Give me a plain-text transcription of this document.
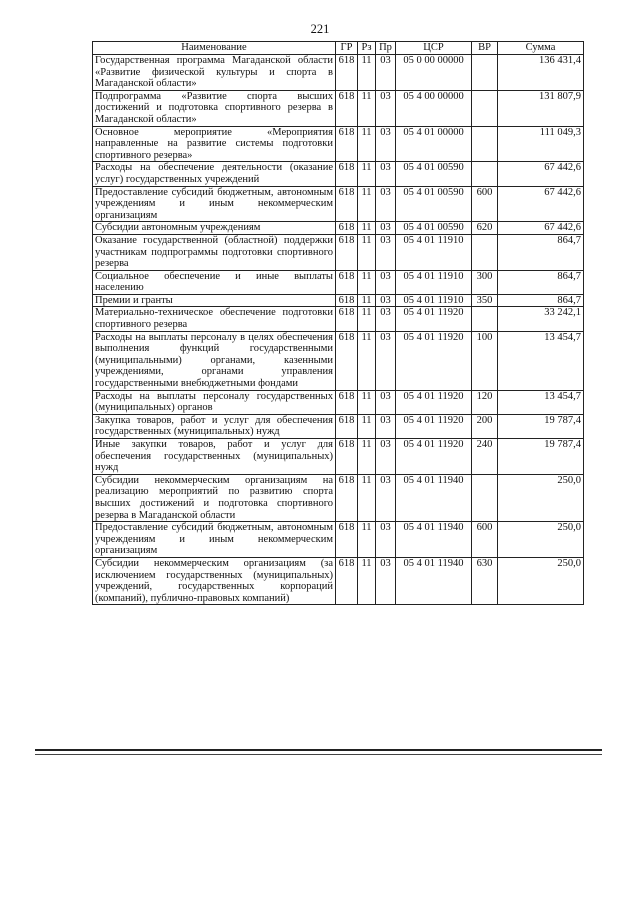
221
Наименование	ГР	Рз	Пр	ЦСР	ВР	Сумма
Государственная программа Магаданской области «Развитие физической культуры и спорта в Магаданской области»	618	11	03	05 0 00 00000		136 431,4
Подпрограмма «Развитие спорта высших достижений и подготовка спортивного резерва в Магаданской области»	618	11	03	05 4 00 00000		131 807,9
Основное мероприятие «Мероприятия направленные на развитие системы подготовки спортивного резерва»	618	11	03	05 4 01 00000		111 049,3
Расходы на обеспечение деятельности (оказание услуг) государственных учреждений	618	11	03	05 4 01 00590		67 442,6
Предоставление субсидий бюджетным, автономным учреждениям и иным некоммерческим организациям	618	11	03	05 4 01 00590	600	67 442,6
Субсидии автономным учреждениям	618	11	03	05 4 01 00590	620	67 442,6
Оказание государственной (областной) поддержки участникам подпрограммы подготовки спортивного резерва	618	11	03	05 4 01 11910		864,7
Социальное обеспечение и иные выплаты населению	618	11	03	05 4 01 11910	300	864,7
Премии и гранты	618	11	03	05 4 01 11910	350	864,7
Материально-техническое обеспечение подготовки спортивного резерва	618	11	03	05 4 01 11920		33 242,1
Расходы на выплаты персоналу в целях обеспечения выполнения функций государственными (муниципальными) органами, казенными учреждениями, органами управления государственными внебюджетными фондами	618	11	03	05 4 01 11920	100	13 454,7
Расходы на выплаты персоналу государственных (муниципальных) органов	618	11	03	05 4 01 11920	120	13 454,7
Закупка товаров, работ и услуг для обеспечения государственных (муниципальных) нужд	618	11	03	05 4 01 11920	200	19 787,4
Иные закупки товаров, работ и услуг для обеспечения государственных (муниципальных) нужд	618	11	03	05 4 01 11920	240	19 787,4
Субсидии некоммерческим организациям на реализацию мероприятий по развитию спорта высших достижений и подготовка спортивного резерва в Магаданской области	618	11	03	05 4 01 11940		250,0
Предоставление субсидий бюджетным, автономным учреждениям и иным некоммерческим организациям	618	11	03	05 4 01 11940	600	250,0
Субсидии некоммерческим организациям (за исключением государственных (муниципальных) учреждений, государственных корпораций (компаний), публично-правовых компаний)	618	11	03	05 4 01 11940	630	250,0
